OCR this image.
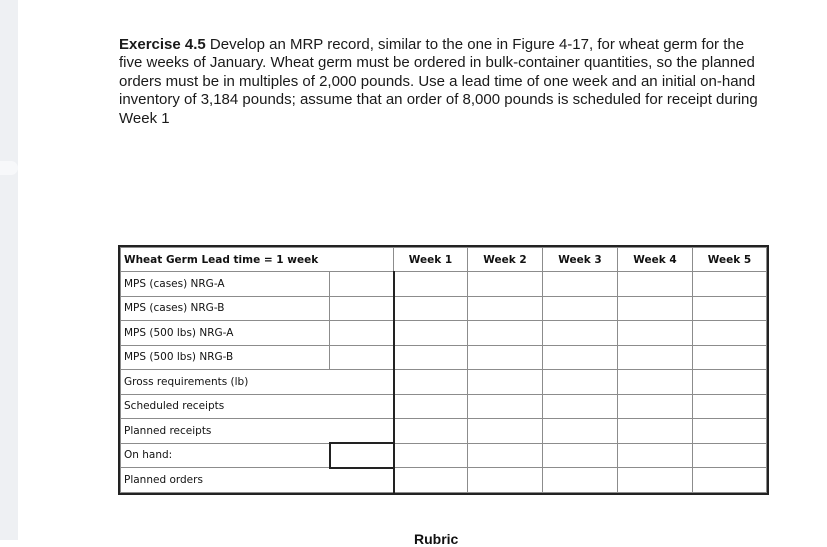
Exercise 4.5 Develop an MRP record, similar to the one in Figure 4-17, for wheat germ for the five weeks of January. Wheat germ must be ordered in bulk-container quantities, so the planned orders must be in multiples of 2,000 pounds. Use a lead time of one week and an initial on-hand inventory of 3,184 pounds; assume that an order of 8,000 pounds is scheduled for receipt during Week 1
Wheat Germ Lead time = 1 week		Week 1	Week 2	Week 3	Week 4	Week 5
MPS (cases) NRG-A						
MPS (cases) NRG-B						
MPS (500 lbs) NRG-A						
MPS (500 lbs) NRG-B						
Gross requirements (lb)						
Scheduled receipts						
Planned receipts						
On hand:						
Planned orders						
Rubric
